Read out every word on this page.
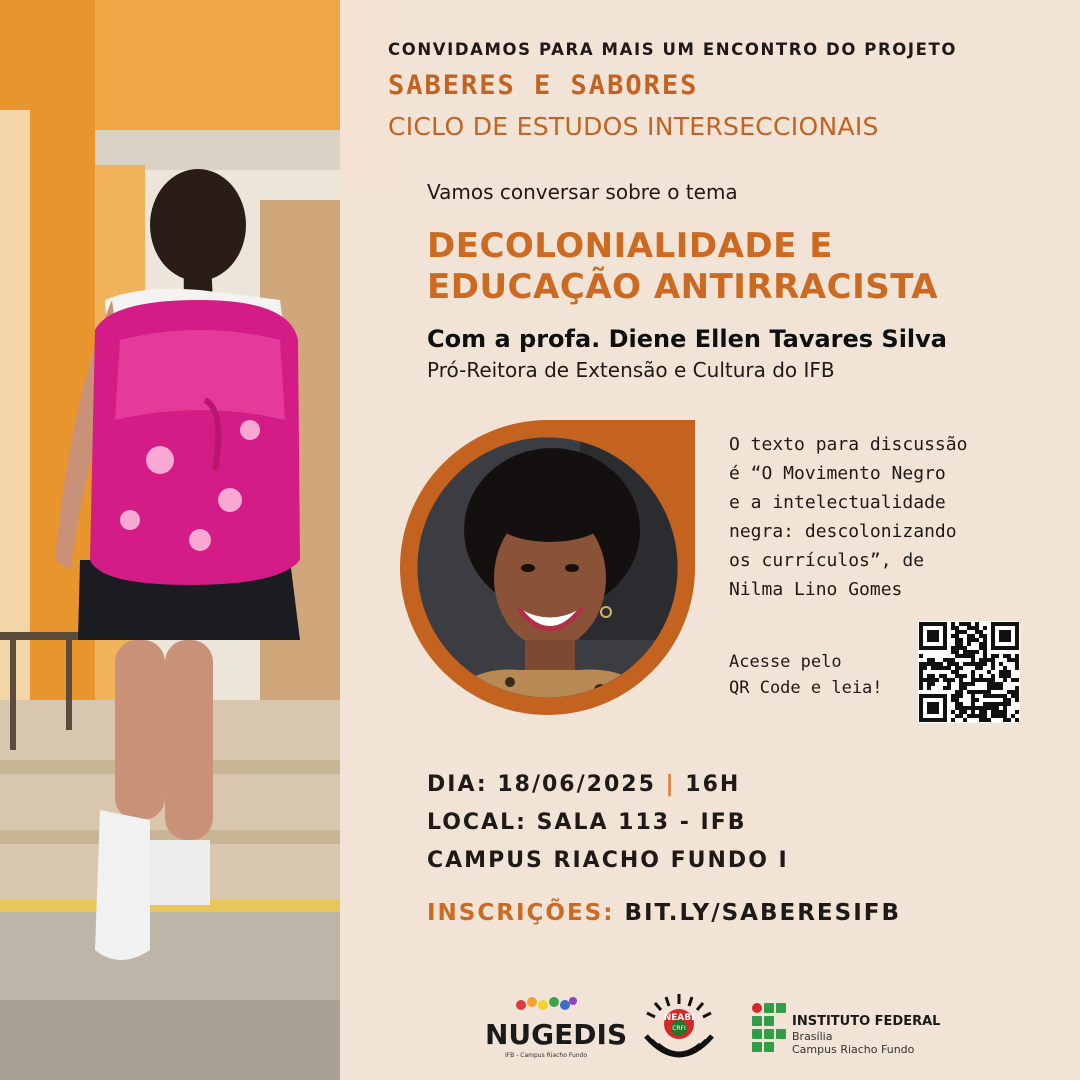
CONVIDAMOS PARA MAIS UM ENCONTRO DO PROJETO
SABERES E SABORES
CICLO DE ESTUDOS INTERSECCIONAIS
Vamos conversar sobre o tema
DECOLONIALIDADE E
EDUCAÇÃO ANTIRRACISTA
Com a profa. Diene Ellen Tavares Silva
Pró-Reitora de Extensão e Cultura do IFB
O texto para discussão
é “O Movimento Negro
e a intelectualidade
negra: descolonizando
os currículos”, de
Nilma Lino Gomes
Acesse pelo
QR Code e leia!
DIA: 18/06/2025 | 16H
LOCAL: SALA 113 - IFB
CAMPUS RIACHO FUNDO I
INSCRIÇÕES: BIT.LY/SABERESIFB
NUGEDIS
IFB - Campus Riacho Fundo
NEABI
CRFI	INSTITUTO FEDERAL
Brasília
Campus Riacho Fundo
